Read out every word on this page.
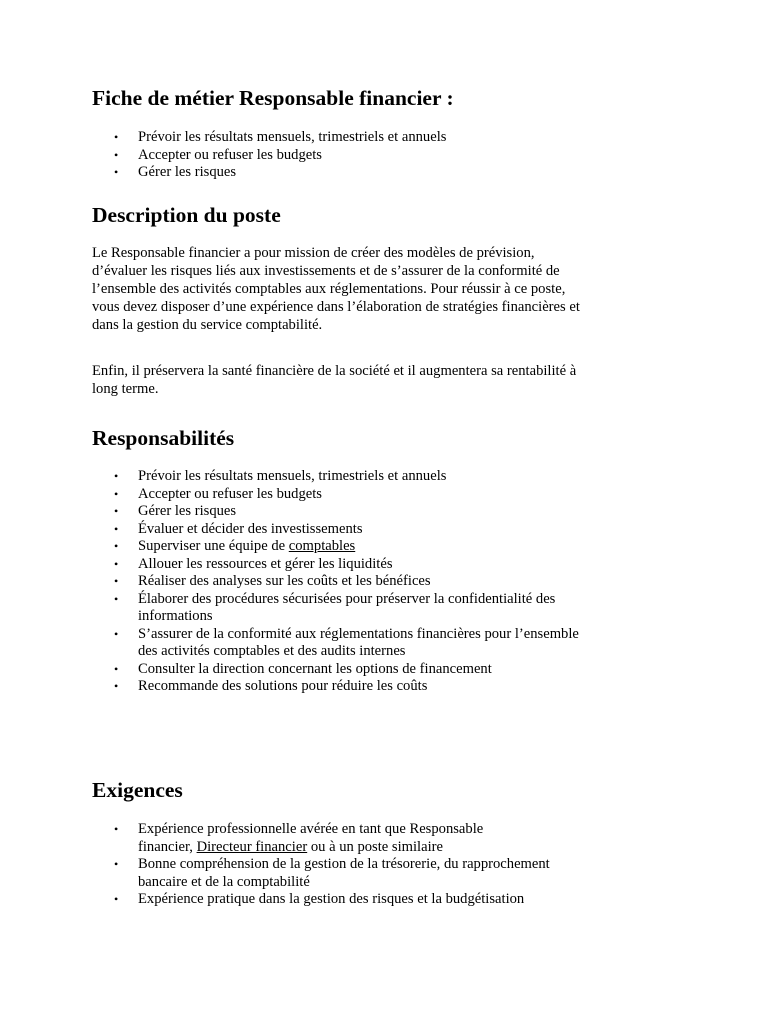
Fiche de métier Responsable financier :
• Prévoir les résultats mensuels, trimestriels et annuels
• Accepter ou refuser les budgets
• Gérer les risques
Description du poste

Le Responsable financier a pour mission de créer des modèles de prévision,
d’évaluer les risques liés aux investissements et de s’assurer de la conformité de
l’ensemble des activités comptables aux réglementations. Pour réussir à ce poste,
vous devez disposer d’une expérience dans l’élaboration de stratégies financières et
dans la gestion du service comptabilité.

Enfin, il préservera la santé financière de la société et il augmentera sa rentabilité à
long terme.

Responsabilités
• Prévoir les résultats mensuels, trimestriels et annuels
• Accepter ou refuser les budgets
• Gérer les risques
• Évaluer et décider des investissements
• Superviser une équipe de comptables
• Allouer les ressources et gérer les liquidités
• Réaliser des analyses sur les coûts et les bénéfices
• Élaborer des procédures sécurisées pour préserver la confidentialité des
informations
• S’assurer de la conformité aux réglementations financières pour l’ensemble
des activités comptables et des audits internes
• Consulter la direction concernant les options de financement
• Recommande des solutions pour réduire les coûts
Exigences
• Expérience professionnelle avérée en tant que Responsable
financier, Directeur financier ou à un poste similaire
• Bonne compréhension de la gestion de la trésorerie, du rapprochement
bancaire et de la comptabilité
• Expérience pratique dans la gestion des risques et la budgétisation
